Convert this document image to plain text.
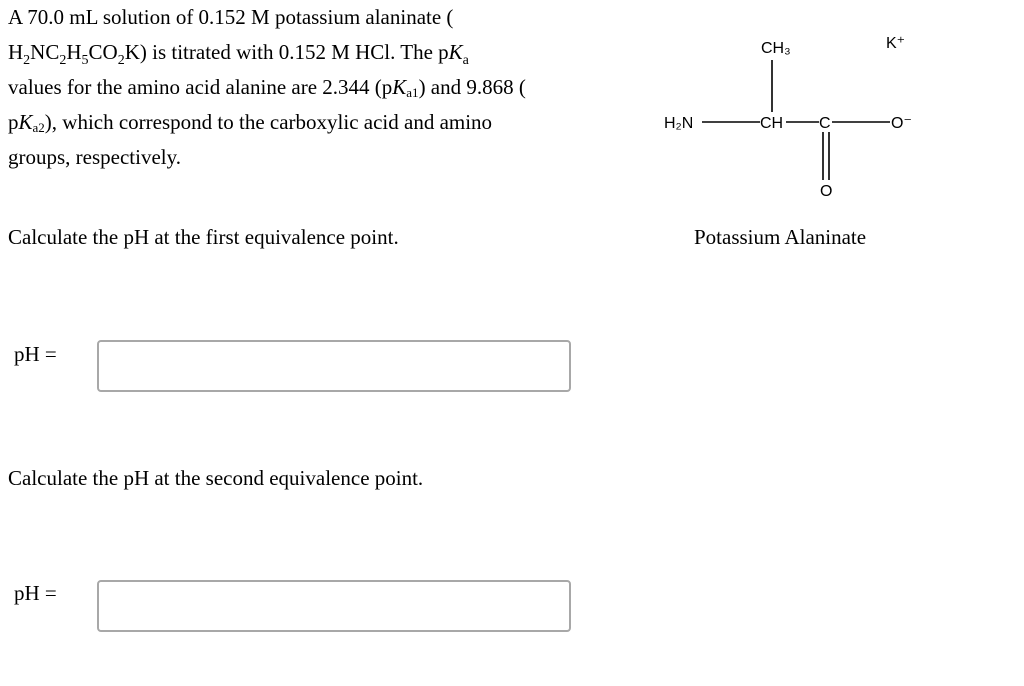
A 70.0 mL solution of 0.152 M potassium alaninate (
$H_2NC_2H_5CO_2K$) is titrated with 0.152 M HCl. The $pK_a$
values for the amino acid alanine are 2.344 (pKa1) and 9.868 (
pKa2), which correspond to the carboxylic acid and amino
groups, respectively.
CH₃	K⁺
H₂N	CH C	O⁻
O
Potassium Alaninate
Calculate the pH at the first equivalence point.
pH =
Calculate the pH at the second equivalence point.
pH =
